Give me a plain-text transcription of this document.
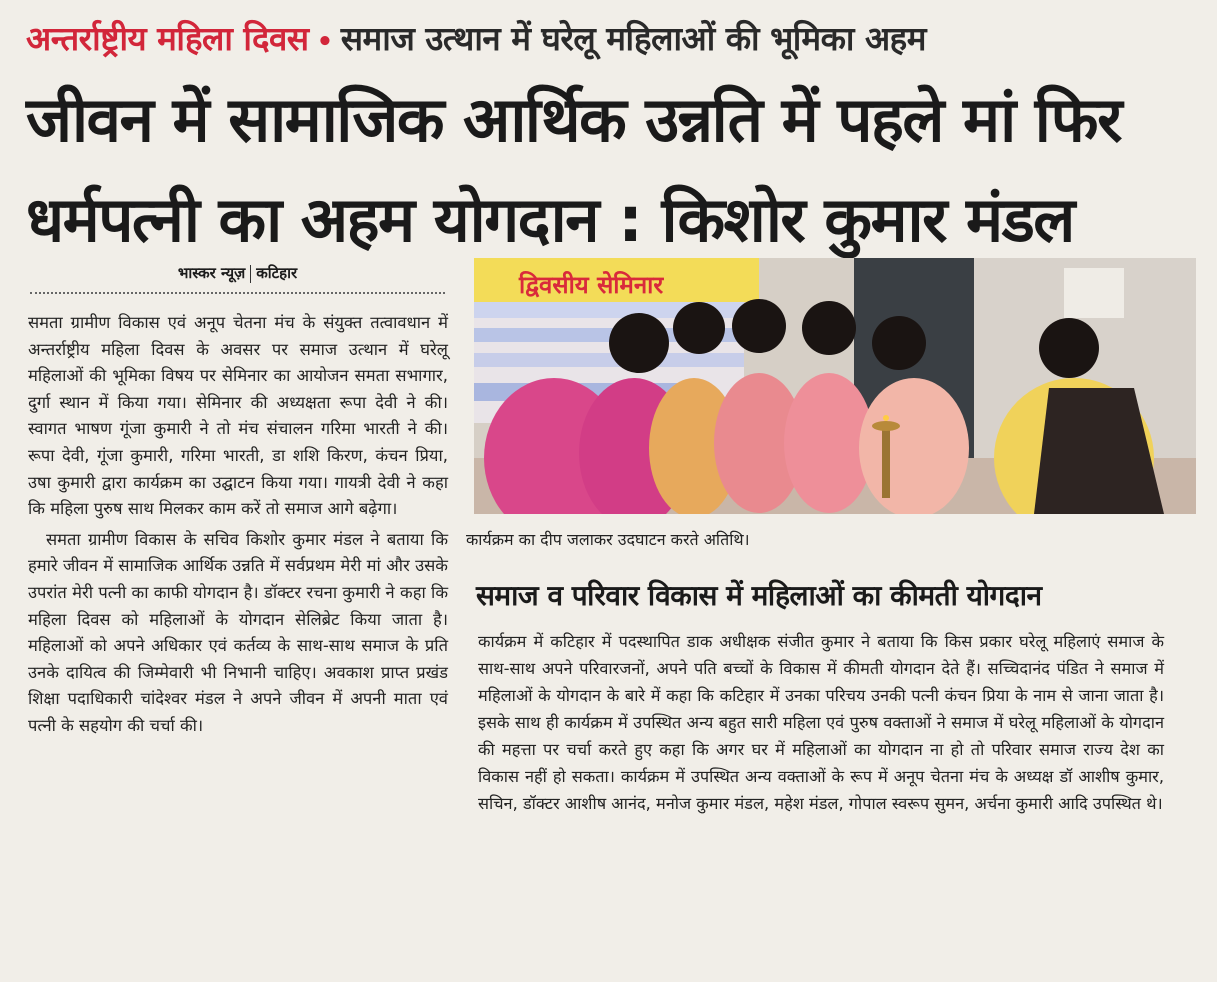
अन्तर्राष्ट्रीय महिला दिवस • समाज उत्थान में घरेलू महिलाओं की भूमिका अहम
जीवन में सामाजिक आर्थिक उन्नति में पहले मां फिर
धर्मपत्नी का अहम योगदान : किशोर कुमार मंडल
भास्कर न्यूज़ कटिहार

समता ग्रामीण विकास एवं अनूप चेतना मंच के संयुक्त तत्वावधान में अन्तर्राष्ट्रीय महिला दिवस के अवसर पर समाज उत्थान में घरेलू महिलाओं की भूमिका विषय पर सेमिनार का आयोजन समता सभागार, दुर्गा स्थान में किया गया। सेमिनार की अध्यक्षता रूपा देवी ने की। स्वागत भाषण गूंजा कुमारी ने तो मंच संचालन गरिमा भारती ने की। रूपा देवी, गूंजा कुमारी, गरिमा भारती, डा शशि किरण, कंचन प्रिया, उषा कुमारी द्वारा कार्यक्रम का उद्घाटन किया गया। गायत्री देवी ने कहा कि महिला पुरुष साथ मिलकर काम करें तो समाज आगे बढ़ेगा।

समता ग्रामीण विकास के सचिव किशोर कुमार मंडल ने बताया कि हमारे जीवन में सामाजिक आर्थिक उन्नति में सर्वप्रथम मेरी मां और उसके उपरांत मेरी पत्नी का काफी योगदान है। डॉक्टर रचना कुमारी ने कहा कि महिला दिवस को महिलाओं के योगदान सेलिब्रेट किया जाता है। महिलाओं को अपने अधिकार एवं कर्तव्य के साथ-साथ समाज के प्रति उनके दायित्व की जिम्मेवारी भी निभानी चाहिए। अवकाश प्राप्त प्रखंड शिक्षा पदाधिकारी चांदेश्वर मंडल ने अपने जीवन में अपनी माता एवं पत्नी के सहयोग की चर्चा की।

द्विवसीय सेमिनार
कार्यक्रम का दीप जलाकर उदघाटन करते अतिथि।
समाज व परिवार विकास में महिलाओं का कीमती योगदान

कार्यक्रम में कटिहार में पदस्थापित डाक अधीक्षक संजीत कुमार ने बताया कि किस प्रकार घरेलू महिलाएं समाज के साथ-साथ अपने परिवारजनों, अपने पति बच्चों के विकास में कीमती योगदान देते हैं। सच्चिदानंद पंडित ने समाज में महिलाओं के योगदान के बारे में कहा कि कटिहार में उनका परिचय उनकी पत्नी कंचन प्रिया के नाम से जाना जाता है। इसके साथ ही कार्यक्रम में उपस्थित अन्य बहुत सारी महिला एवं पुरुष वक्ताओं ने समाज में घरेलू महिलाओं के योगदान की महत्ता पर चर्चा करते हुए कहा कि अगर घर में महिलाओं का योगदान ना हो तो परिवार समाज राज्य देश का विकास नहीं हो सकता। कार्यक्रम में उपस्थित अन्य वक्ताओं के रूप में अनूप चेतना मंच के अध्यक्ष डॉ आशीष कुमार, सचिन, डॉक्टर आशीष आनंद, मनोज कुमार मंडल, महेश मंडल, गोपाल स्वरूप सुमन, अर्चना कुमारी आदि उपस्थित थे।
